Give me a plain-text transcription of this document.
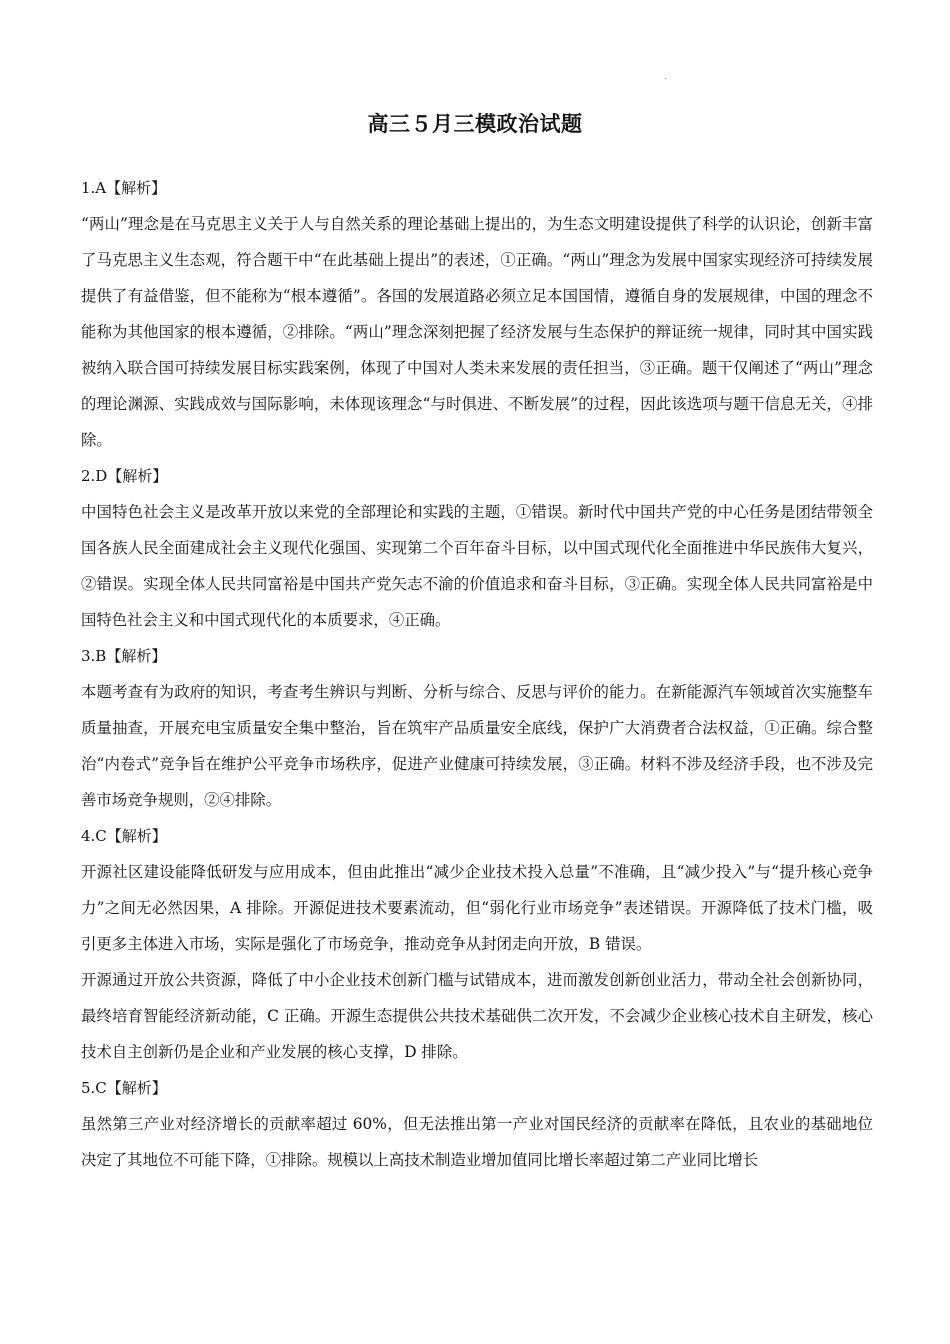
·
高三５月三模政治试题
1.A【解析】

“两山”理念是在马克思主义关于人与自然关系的理论基础上提出的，为生态文明建设提供了科学的认识论，创新丰富了马克思主义生态观，符合题干中“在此基础上提出”的表述，①正确。“两山”理念为发展中国家实现经济可持续发展提供了有益借鉴，但不能称为“根本遵循”。各国的发展道路必须立足本国国情，遵循自身的发展规律，中国的理念不能称为其他国家的根本遵循，②排除。“两山”理念深刻把握了经济发展与生态保护的辩证统一规律，同时其中国实践被纳入联合国可持续发展目标实践案例，体现了中国对人类未来发展的责任担当，③正确。题干仅阐述了“两山”理念的理论渊源、实践成效与国际影响，未体现该理念“与时俱进、不断发展”的过程，因此该选项与题干信息无关，④排除。

2.D【解析】

中国特色社会主义是改革开放以来党的全部理论和实践的主题，①错误。新时代中国共产党的中心任务是团结带领全国各族人民全面建成社会主义现代化强国、实现第二个百年奋斗目标，以中国式现代化全面推进中华民族伟大复兴，②错误。实现全体人民共同富裕是中国共产党矢志不渝的价值追求和奋斗目标，③正确。实现全体人民共同富裕是中国特色社会主义和中国式现代化的本质要求，④正确。

3.B【解析】

本题考查有为政府的知识，考查考生辨识与判断、分析与综合、反思与评价的能力。在新能源汽车领域首次实施整车质量抽查，开展充电宝质量安全集中整治，旨在筑牢产品质量安全底线，保护广大消费者合法权益，①正确。综合整治“内卷式”竞争旨在维护公平竞争市场秩序，促进产业健康可持续发展，③正确。材料不涉及经济手段，也不涉及完善市场竞争规则，②④排除。

4.C【解析】

开源社区建设能降低研发与应用成本，但由此推出“减少企业技术投入总量”不准确，且“减少投入”与“提升核心竞争力”之间无必然因果，A 排除。开源促进技术要素流动，但“弱化行业市场竞争”表述错误。开源降低了技术门槛，吸引更多主体进入市场，实际是强化了市场竞争，推动竞争从封闭走向开放，B 错误。

开源通过开放公共资源，降低了中小企业技术创新门槛与试错成本，进而激发创新创业活力，带动全社会创新协同，最终培育智能经济新动能，C 正确。开源生态提供公共技术基础供二次开发，不会减少企业核心技术自主研发，核心技术自主创新仍是企业和产业发展的核心支撑，D 排除。

5.C【解析】

虽然第三产业对经济增长的贡献率超过 60%，但无法推出第一产业对国民经济的贡献率在降低，且农业的基础地位决定了其地位不可能下降，①排除。规模以上高技术制造业增加值同比增长率超过第二产业同比增长
